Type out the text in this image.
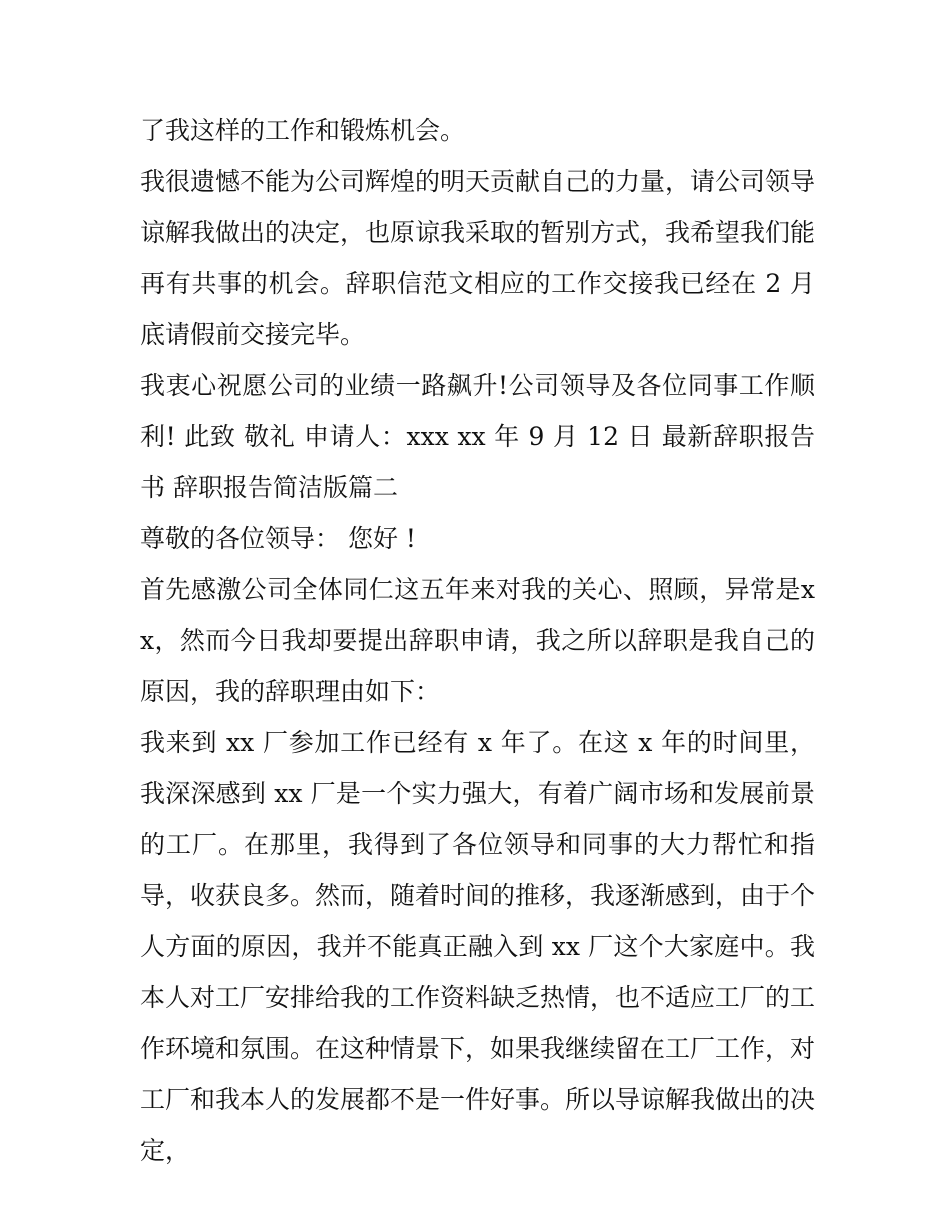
了我这样的工作和锻炼机会。

我很遗憾不能为公司辉煌的明天贡献自己的力量，请公司领导谅解我做出的决定，也原谅我采取的暂别方式，我希望我们能再有共事的机会。辞职信范文相应的工作交接我已经在 2 月底请假前交接完毕。

我衷心祝愿公司的业绩一路飙升!公司领导及各位同事工作顺利! 此致 敬礼 申请人：xxx xx 年 9 月 12 日 最新辞职报告书 辞职报告简洁版篇二

尊敬的各位领导： 您好 !

首先感激公司全体同仁这五年来对我的关心、照顾，异常是xx，然而今日我却要提出辞职申请，我之所以辞职是我自己的原因，我的辞职理由如下：

我来到 xx 厂参加工作已经有 x 年了。在这 x 年的时间里，我深深感到 xx 厂是一个实力强大，有着广阔市场和发展前景的工厂。在那里，我得到了各位领导和同事的大力帮忙和指导，收获良多。然而，随着时间的推移，我逐渐感到，由于个人方面的原因，我并不能真正融入到 xx 厂这个大家庭中。我本人对工厂安排给我的工作资料缺乏热情，也不适应工厂的工作环境和氛围。在这种情景下，如果我继续留在工厂工作，对工厂和我本人的发展都不是一件好事。所以导谅解我做出的决定，
